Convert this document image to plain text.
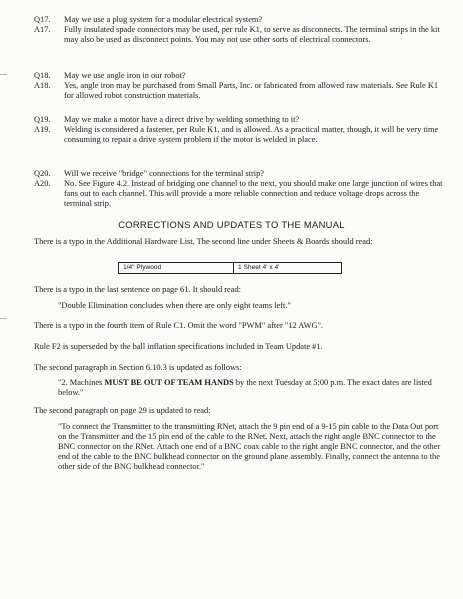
Q17.	May we use a plug system for a modular electrical system?
A17.	Fully insulated spade connectors may be used, per rule K1, to serve as disconnects. The terminal strips in the kit may also be used as disconnect points. You may not use other sorts of electrical connectors.
Q18.	May we use angle iron in our robot?
A18.	Yes, angle iron may be purchased from Small Parts, Inc. or fabricated from allowed raw materials. See Rule K1 for allowed robot construction materials.
Q19.	May we make a motor have a direct drive by welding something to it?
A19.	Welding is considered a fastener, per Rule K1, and is allowed. As a practical matter, though, it will be very time consuming to repair a drive system problem if the motor is welded in place.
Q20.	Will we receive "bridge" connections for the terminal strip?
A20.	No. See Figure 4.2. Instead of bridging one channel to the next, you should make one large junction of wires that fans out to each channel. This will provide a more reliable connection and reduce voltage drops across the terminal strip.
CORRECTIONS AND UPDATES TO THE MANUAL
There is a typo in the Additional Hardware List. The second line under Sheets & Boards should read:
1/4" Plywood	1 Sheet 4' x 4'
There is a typo in the last sentence on page 61. It should read:
"Double Elimination concludes when there are only eight teams left."
There is a typo in the fourth item of Rule C1. Omit the word "PWM" after "12 AWG".
Rule F2 is superseded by the ball inflation specifications included in Team Update #1.
The second paragraph in Section 6.10.3 is updated as follows:
"2. Machines MUST BE OUT OF TEAM HANDS by the next Tuesday at 5:00 p.m. The exact dates are listed below."
The second paragraph on page 29 is updated to read:
"To connect the Transmitter to the transmitting RNet, attach the 9 pin end of a 9-15 pin cable to the Data Out port on the Transmitter and the 15 pin end of the cable to the RNet. Next, attach the right angle BNC connector to the BNC connector on the RNet. Attach one end of a BNC coax cable to the right angle BNC connector, and the other end of the cable to the BNC bulkhead connector on the ground plane assembly. Finally, connect the antenna to the other side of the BNC bulkhead connector."
